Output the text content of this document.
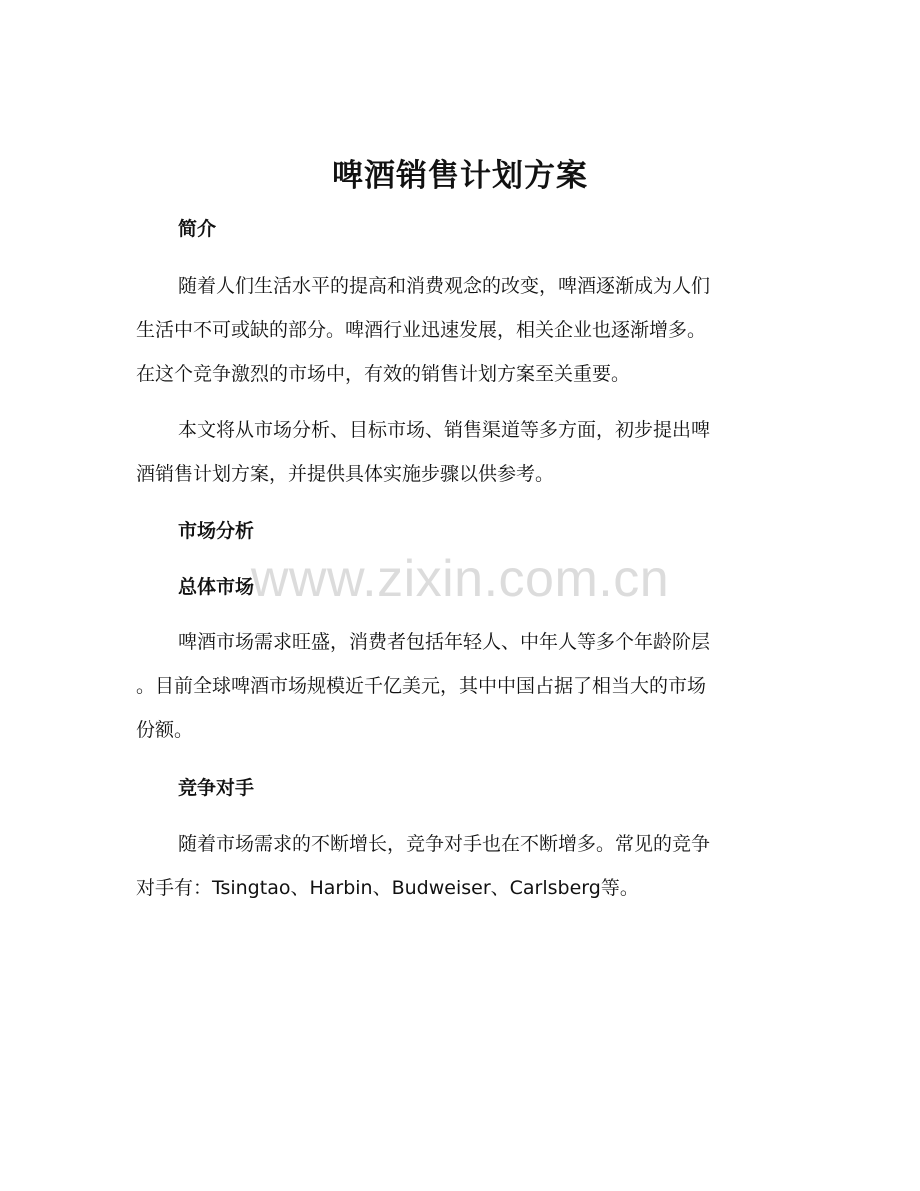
啤酒销售计划方案
简介

随着人们生活水平的提高和消费观念的改变，啤酒逐渐成为人们
生活中不可或缺的部分。啤酒行业迅速发展，相关企业也逐渐增多。
在这个竞争激烈的市场中，有效的销售计划方案至关重要。

本文将从市场分析、目标市场、销售渠道等多方面，初步提出啤
酒销售计划方案，并提供具体实施步骤以供参考。

市场分析
www.zixin.com.cn
总体市场

啤酒市场需求旺盛，消费者包括年轻人、中年人等多个年龄阶层
。目前全球啤酒市场规模近千亿美元，其中中国占据了相当大的市场
份额。

竞争对手

随着市场需求的不断增长，竞争对手也在不断增多。常见的竞争
对手有：Tsingtao、Harbin、Budweiser、Carlsberg等。
